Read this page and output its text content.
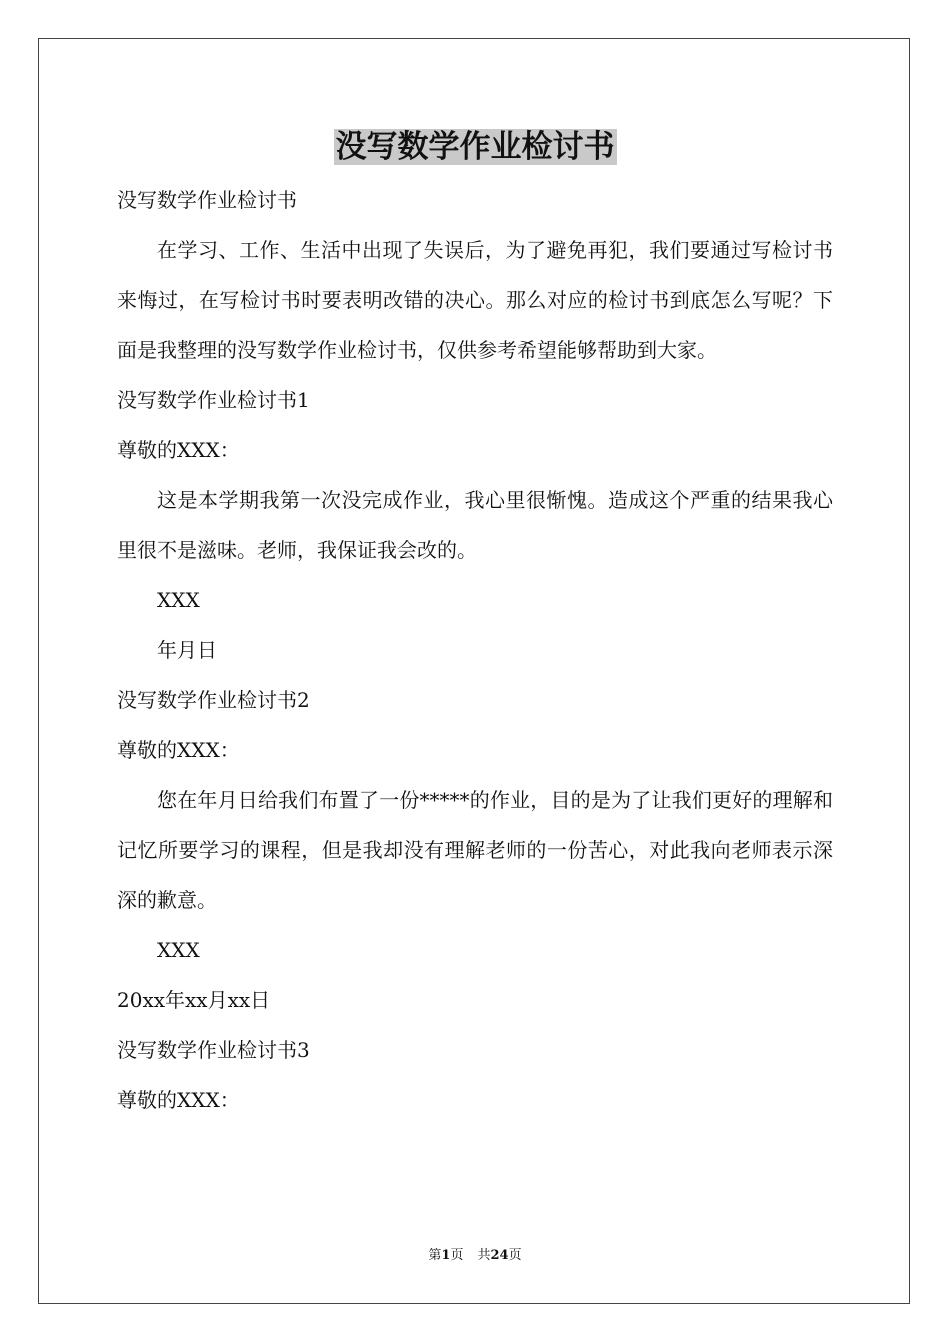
没写数学作业检讨书
没写数学作业检讨书
在学习、工作、生活中出现了失误后，为了避免再犯，我们要通过写检讨书来悔过，在写检讨书时要表明改错的决心。那么对应的检讨书到底怎么写呢？下面是我整理的没写数学作业检讨书，仅供参考希望能够帮助到大家。
没写数学作业检讨书1
尊敬的XXX：
这是本学期我第一次没完成作业，我心里很惭愧。造成这个严重的结果我心里很不是滋味。老师，我保证我会改的。
XXX
年月日
没写数学作业检讨书2
尊敬的XXX：
您在年月日给我们布置了一份*****的作业，目的是为了让我们更好的理解和记忆所要学习的课程，但是我却没有理解老师的一份苦心，对此我向老师表示深深的歉意。
XXX
20xx年xx月xx日
没写数学作业检讨书3
尊敬的XXX：
第1页 共24页
